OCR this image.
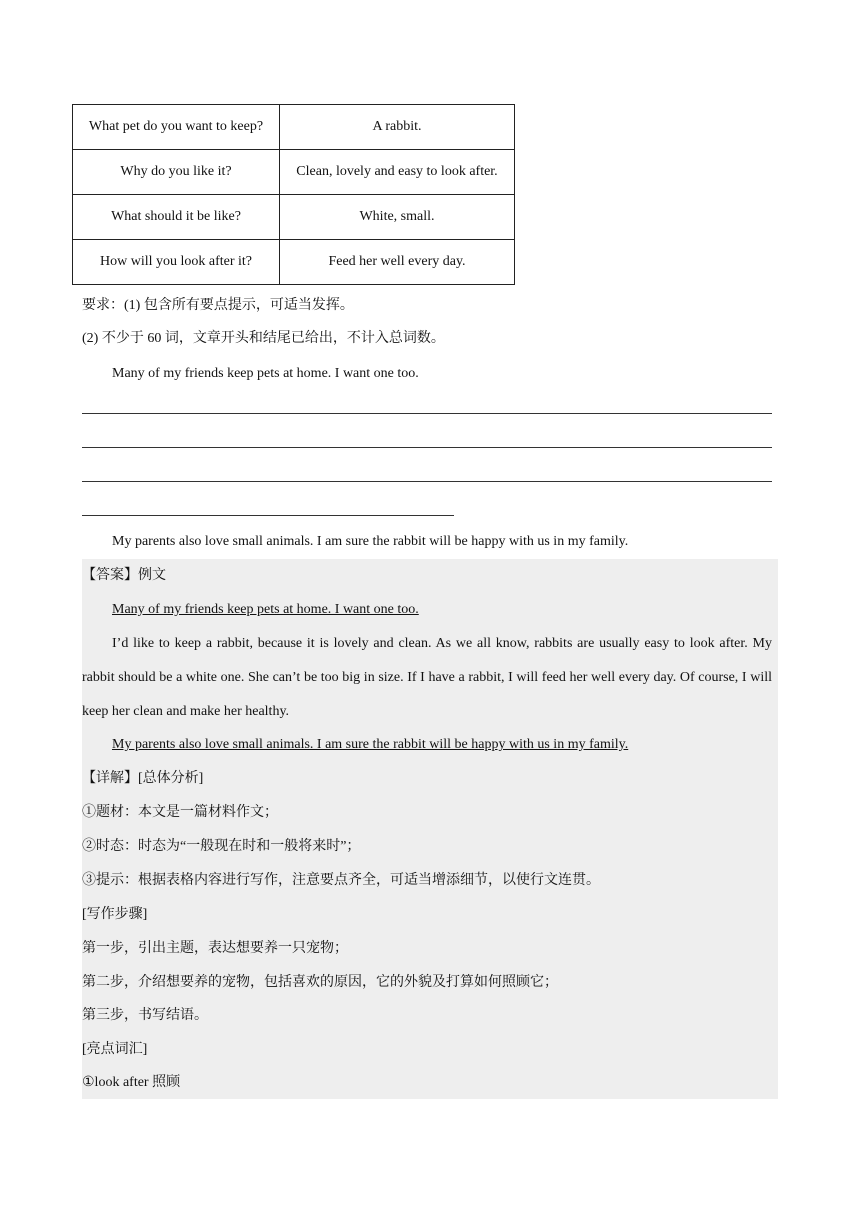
What pet do you want to keep?	A rabbit.
Why do you like it?	Clean, lovely and easy to look after.
What should it be like?	White, small.
How will you look after it?	Feed her well every day.
要求：(1) 包含所有要点提示，可适当发挥。
(2) 不少于 60 词，文章开头和结尾已给出，不计入总词数。
Many of my friends keep pets at home. I want one too.
My parents also love small animals. I am sure the rabbit will be happy with us in my family.
【答案】例文
Many of my friends keep pets at home. I want one too.
I’d like to keep a rabbit, because it is lovely and clean. As we all know, rabbits are usually easy to look after. My rabbit should be a white one. She can’t be too big in size. If I have a rabbit, I will feed her well every day. Of course, I will keep her clean and make her healthy.
My parents also love small animals. I am sure the rabbit will be happy with us in my family.
【详解】[总体分析]
①题材：本文是一篇材料作文；
②时态：时态为“一般现在时和一般将来时”；
③提示：根据表格内容进行写作，注意要点齐全，可适当增添细节，以使行文连贯。
[写作步骤]
第一步，引出主题，表达想要养一只宠物；
第二步，介绍想要养的宠物，包括喜欢的原因，它的外貌及打算如何照顾它；
第三步，书写结语。
[亮点词汇]
①look after 照顾
